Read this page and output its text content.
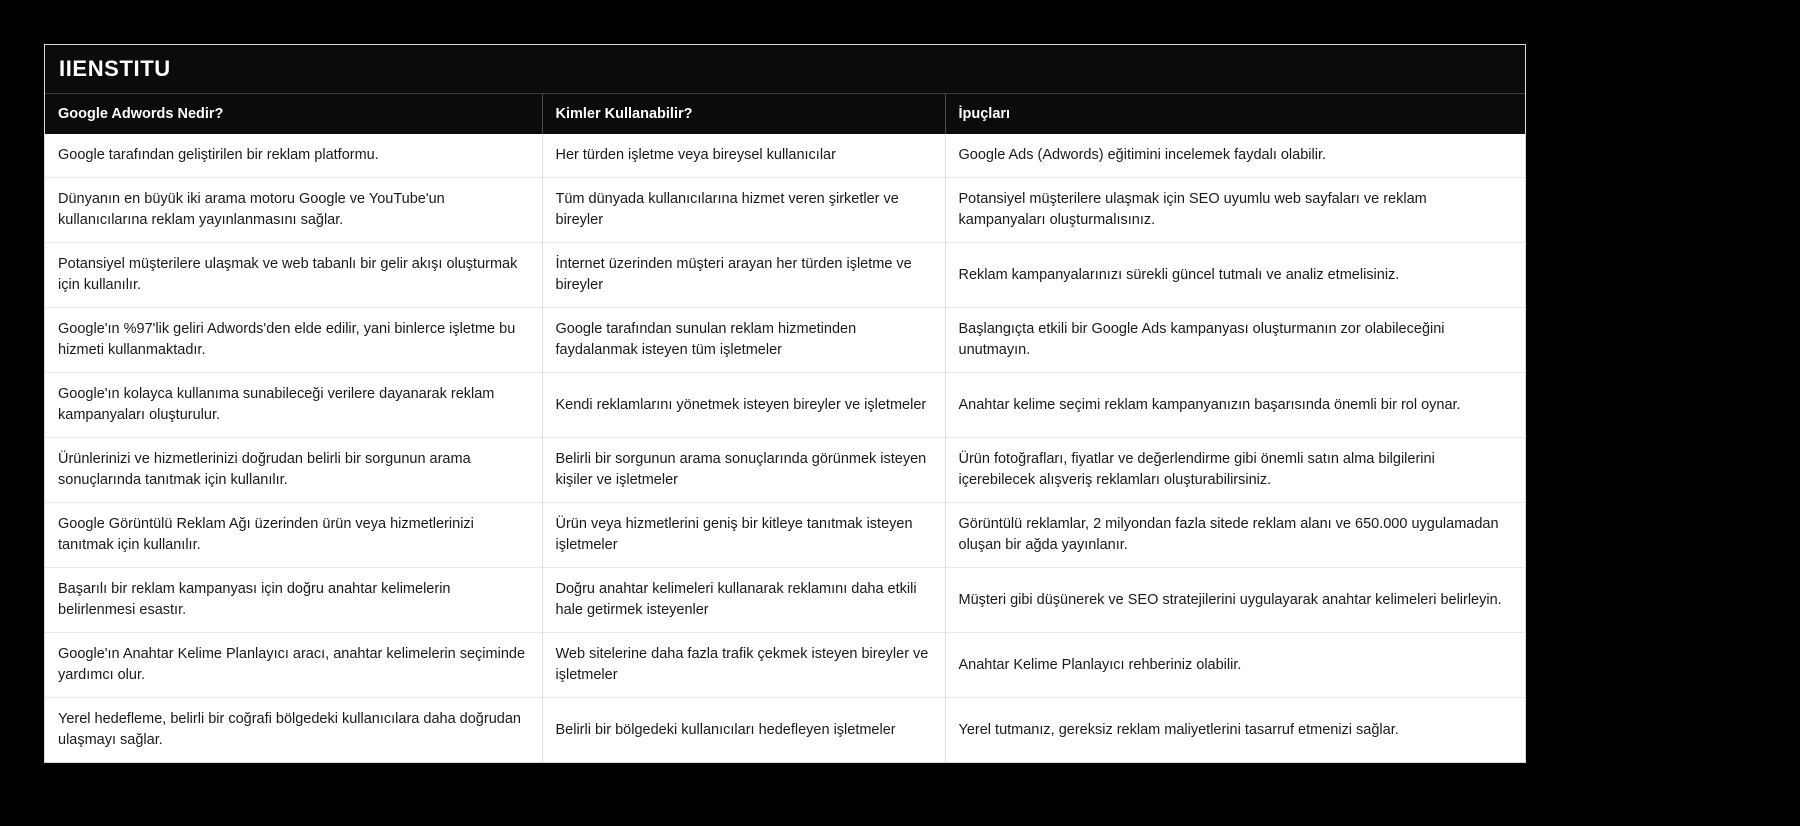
IIENSTITU
Google Adwords Nedir?	Kimler Kullanabilir?	İpuçları
Google tarafından geliştirilen bir reklam platformu.	Her türden işletme veya bireysel kullanıcılar	Google Ads (Adwords) eğitimini incelemek faydalı olabilir.
Dünyanın en büyük iki arama motoru Google ve YouTube'un kullanıcılarına reklam yayınlanmasını sağlar.	Tüm dünyada kullanıcılarına hizmet veren şirketler ve bireyler	Potansiyel müşterilere ulaşmak için SEO uyumlu web sayfaları ve reklam kampanyaları oluşturmalısınız.
Potansiyel müşterilere ulaşmak ve web tabanlı bir gelir akışı oluşturmak için kullanılır.	İnternet üzerinden müşteri arayan her türden işletme ve bireyler	Reklam kampanyalarınızı sürekli güncel tutmalı ve analiz etmelisiniz.
Google'ın %97'lik geliri Adwords'den elde edilir, yani binlerce işletme bu hizmeti kullanmaktadır.	Google tarafından sunulan reklam hizmetinden faydalanmak isteyen tüm işletmeler	Başlangıçta etkili bir Google Ads kampanyası oluşturmanın zor olabileceğini unutmayın.
Google'ın kolayca kullanıma sunabileceği verilere dayanarak reklam kampanyaları oluşturulur.	Kendi reklamlarını yönetmek isteyen bireyler ve işletmeler	Anahtar kelime seçimi reklam kampanyanızın başarısında önemli bir rol oynar.
Ürünlerinizi ve hizmetlerinizi doğrudan belirli bir sorgunun arama sonuçlarında tanıtmak için kullanılır.	Belirli bir sorgunun arama sonuçlarında görünmek isteyen kişiler ve işletmeler	Ürün fotoğrafları, fiyatlar ve değerlendirme gibi önemli satın alma bilgilerini içerebilecek alışveriş reklamları oluşturabilirsiniz.
Google Görüntülü Reklam Ağı üzerinden ürün veya hizmetlerinizi tanıtmak için kullanılır.	Ürün veya hizmetlerini geniş bir kitleye tanıtmak isteyen işletmeler	Görüntülü reklamlar, 2 milyondan fazla sitede reklam alanı ve 650.000 uygulamadan oluşan bir ağda yayınlanır.
Başarılı bir reklam kampanyası için doğru anahtar kelimelerin belirlenmesi esastır.	Doğru anahtar kelimeleri kullanarak reklamını daha etkili hale getirmek isteyenler	Müşteri gibi düşünerek ve SEO stratejilerini uygulayarak anahtar kelimeleri belirleyin.
Google'ın Anahtar Kelime Planlayıcı aracı, anahtar kelimelerin seçiminde yardımcı olur.	Web sitelerine daha fazla trafik çekmek isteyen bireyler ve işletmeler	Anahtar Kelime Planlayıcı rehberiniz olabilir.
Yerel hedefleme, belirli bir coğrafi bölgedeki kullanıcılara daha doğrudan ulaşmayı sağlar.	Belirli bir bölgedeki kullanıcıları hedefleyen işletmeler	Yerel tutmanız, gereksiz reklam maliyetlerini tasarruf etmenizi sağlar.
